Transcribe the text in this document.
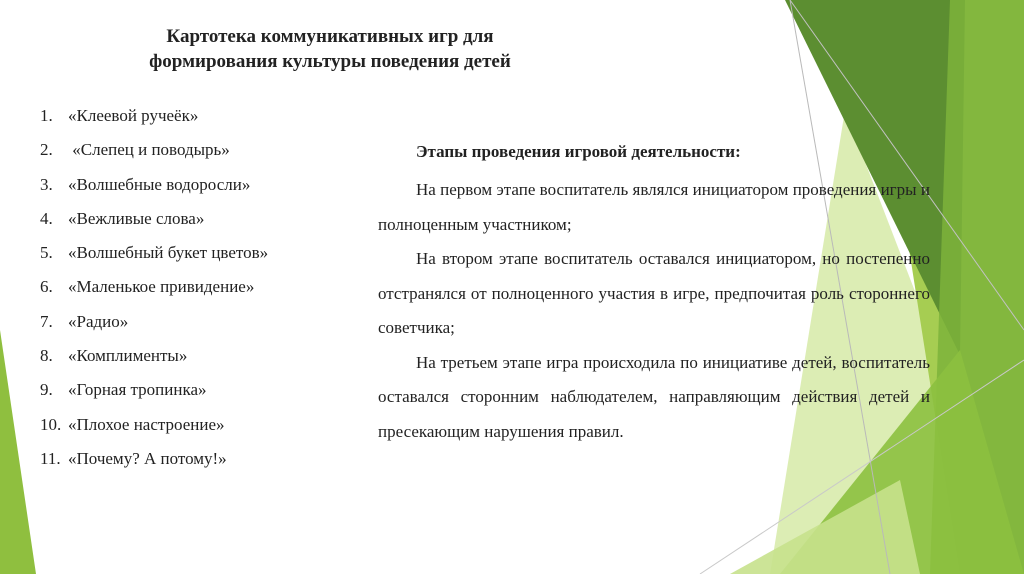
Картотека коммуникативных игр для
формирования культуры поведения детей
1. «Клеевой ручеёк»
2. «Слепец и поводырь»
3. «Волшебные водоросли»
4. «Вежливые слова»
5. «Волшебный букет цветов»
6. «Маленькое привидение»
7. «Радио»
8. «Комплименты»
9. «Горная тропинка»
10. «Плохое настроение»
11. «Почему? А потому!»
Этапы проведения игровой деятельности:

На первом этапе воспитатель являлся инициатором проведения игры и полноценным участником;

На втором этапе воспитатель оставался инициатором, но постепенно отстранялся от полноценного участия в игре, предпочитая роль стороннего советчика;

На третьем этапе игра происходила по инициативе детей, воспитатель оставался сторонним наблюдателем, направляющим действия детей и пресекающим нарушения правил.
